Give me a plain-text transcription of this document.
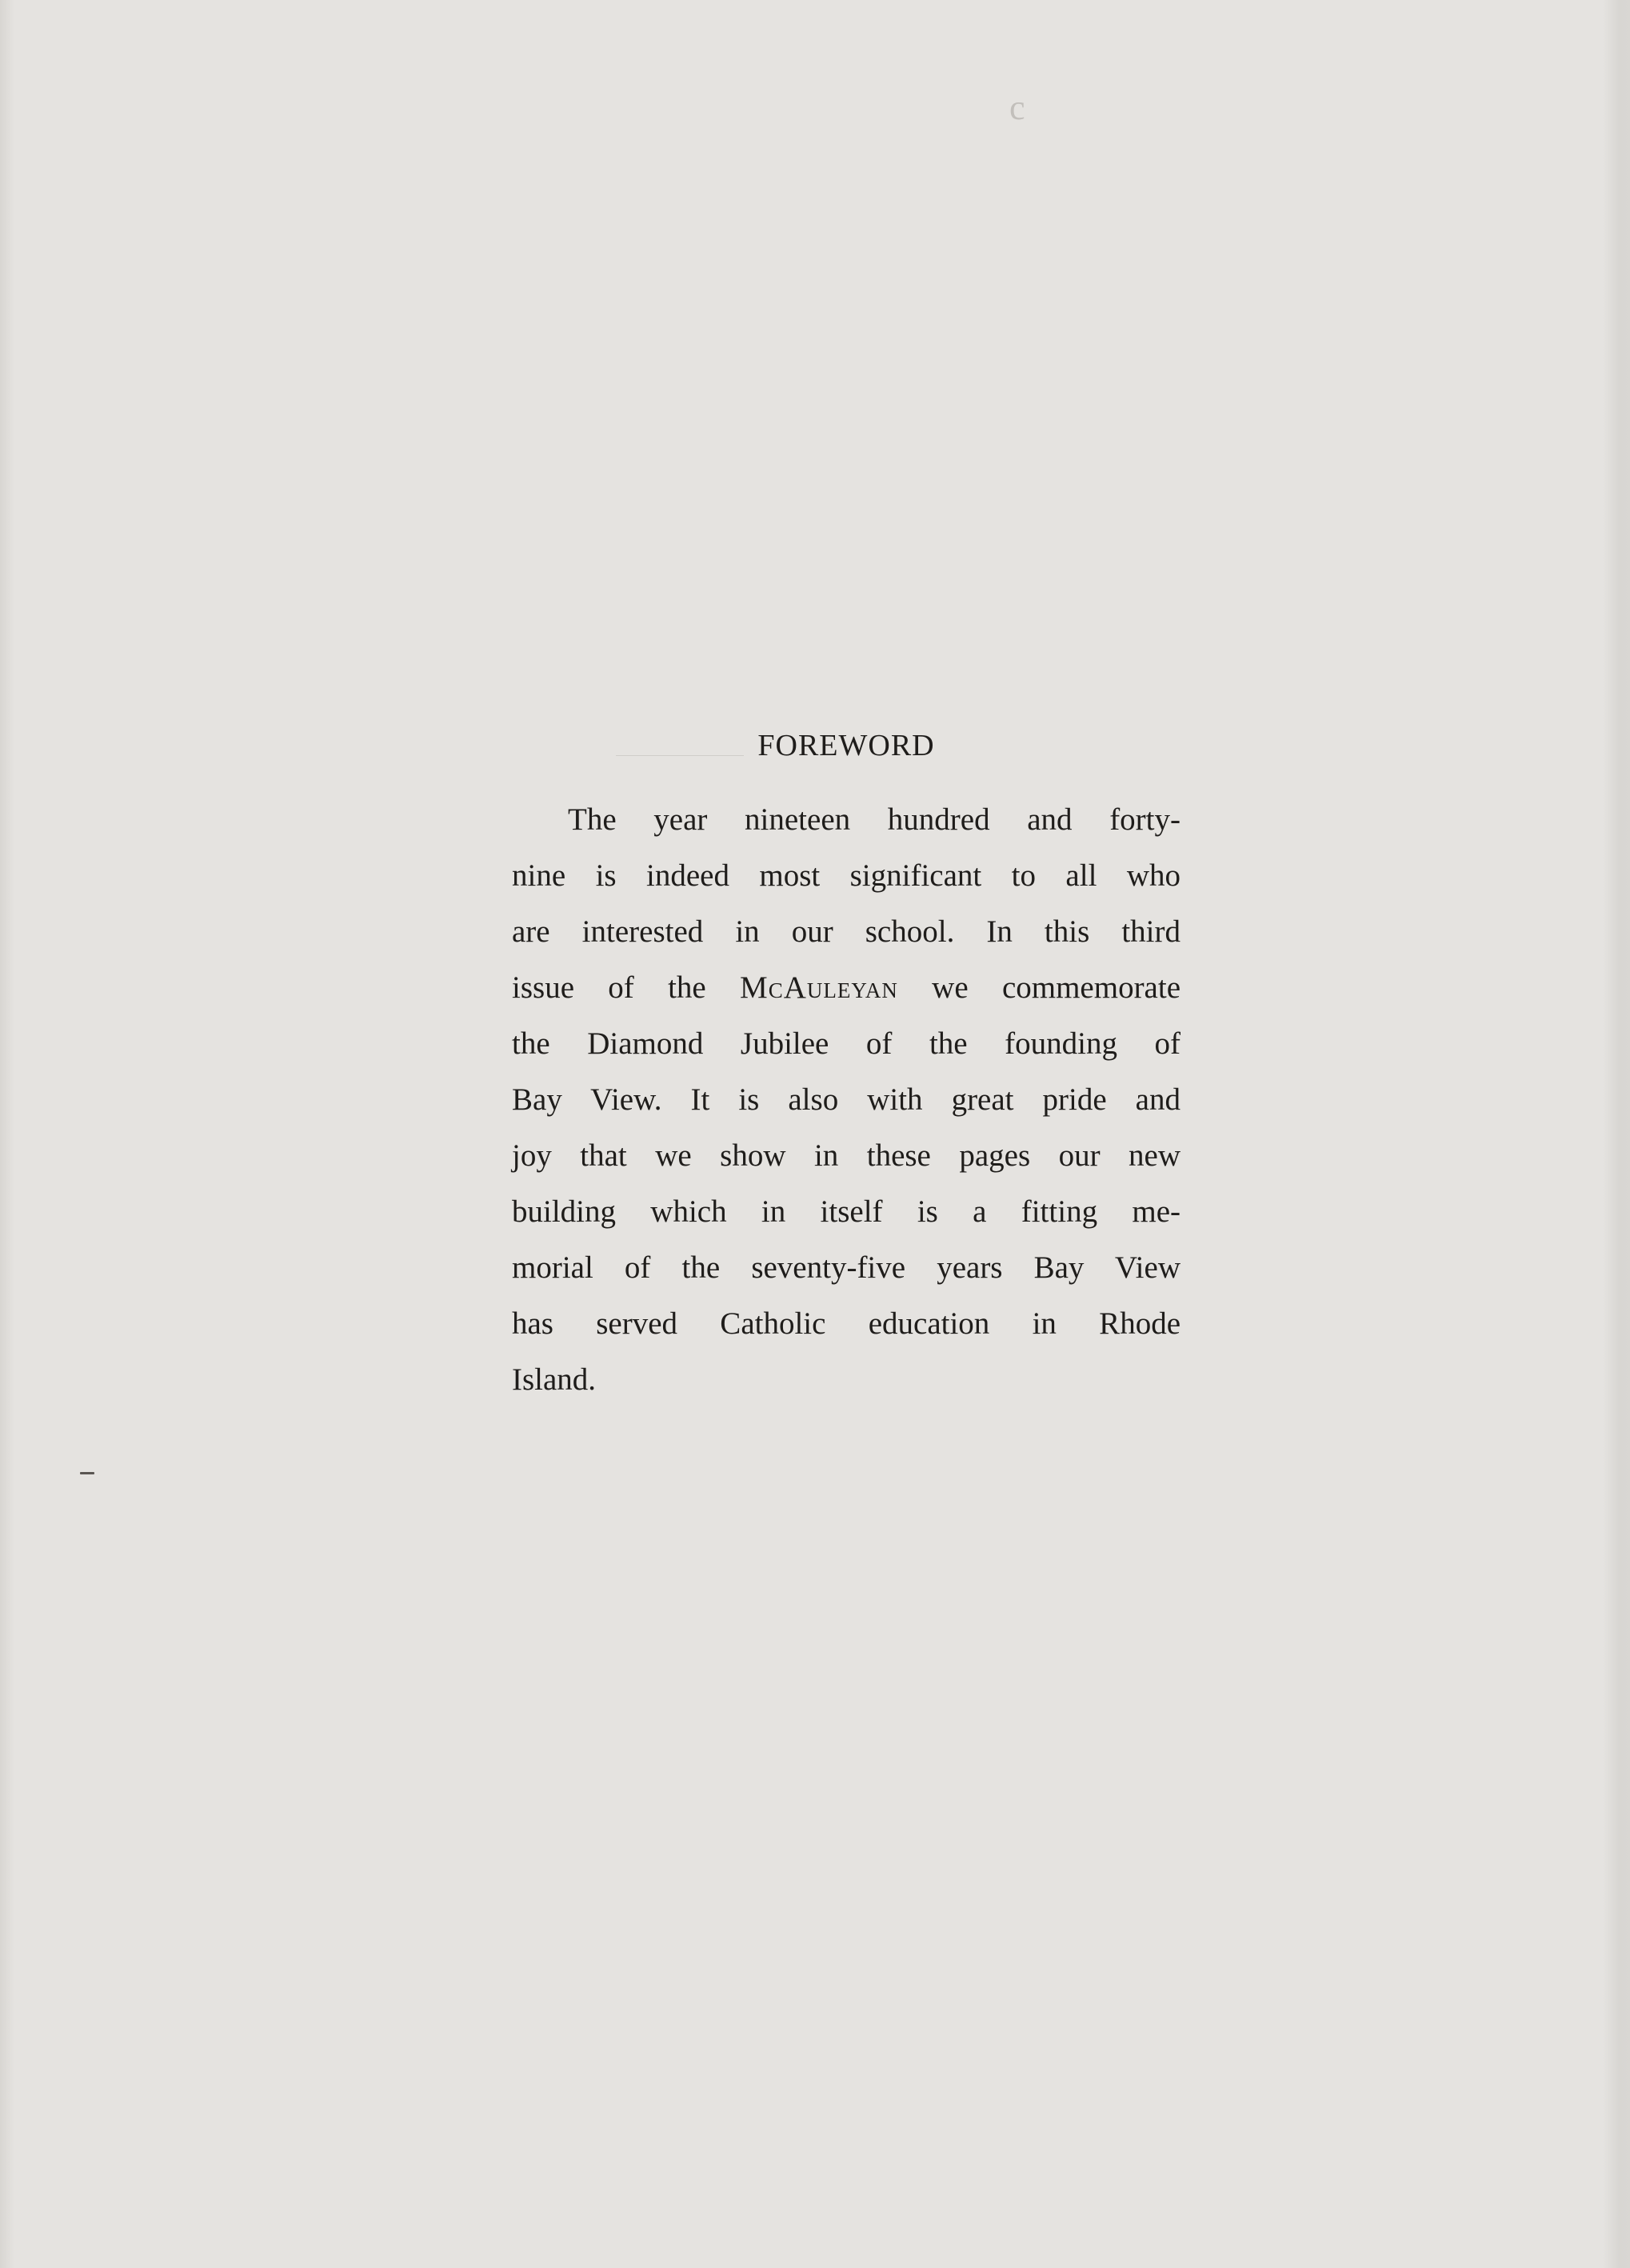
c
FOREWORD
The year nineteen hundred and forty-
nine is indeed most significant to all who
are interested in our school. In this third
issue of the McAuleyan we commemorate
the Diamond Jubilee of the founding of
Bay View. It is also with great pride and
joy that we show in these pages our new
building which in itself is a fitting me-
morial of the seventy-five years Bay View
has served Catholic education in Rhode
Island.
